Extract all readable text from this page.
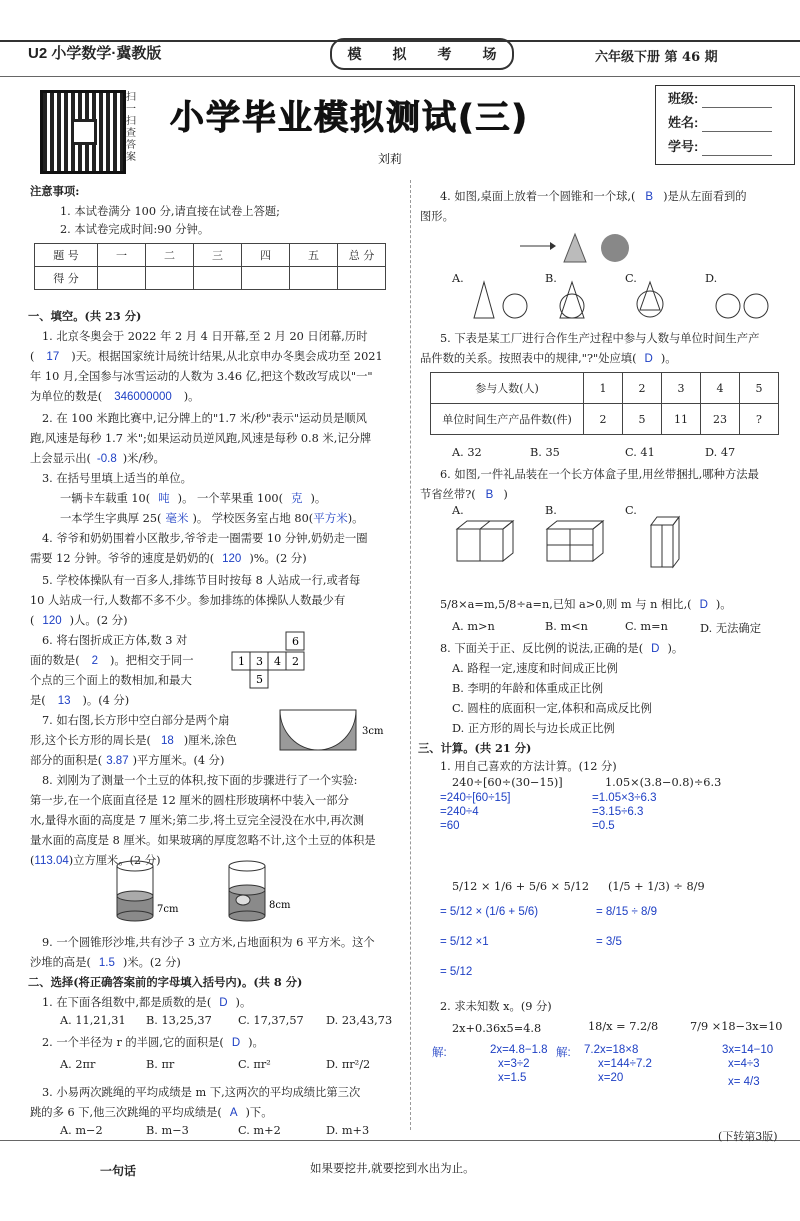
U2 小学数学·冀教版	模 拟 考 场	六年级下册 第 46 期
扫一扫 查答案
小学毕业模拟测试(三)
刘莉
班级:
姓名:
学号:
注意事项:
1. 本试卷满分 100 分,请直接在试卷上答题;
2. 本试卷完成时间:90 分钟。
题 号	一	二	三	四	五	总 分
得 分						
一、填空。(共 23 分)
1. 北京冬奥会于 2022 年 2 月 4 日开幕,至 2 月 20 日闭幕,历时
( 17 )天。根据国家统计局统计结果,从北京申办冬奥会成功至 2021
年 10 月,全国参与冰雪运动的人数为 3.46 亿,把这个数改写成以"一"
为单位的数是( 346000000 )。
2. 在 100 米跑比赛中,记分牌上的"1.7 米/秒"表示"运动员是顺风
跑,风速是每秒 1.7 米";如果运动员逆风跑,风速是每秒 0.8 米,记分牌
上会显示出( -0.8 )米/秒。
3. 在括号里填上适当的单位。
一辆卡车载重 10( 吨 )。 一个苹果重 100( 克 )。
一本学生字典厚 25( 毫米 )。 学校医务室占地 80(平方米)。
4. 爷爷和奶奶围着小区散步,爷爷走一圈需要 10 分钟,奶奶走一圈
需要 12 分钟。爷爷的速度是奶奶的( 120 )%。(2 分)
5. 学校体操队有一百多人,排练节目时按每 8 人站成一行,或者每
10 人站成一行,人数都不多不少。参加排练的体操队人数最少有
( 120 )人。(2 分)
6. 将右图折成正方体,数 3 对
面的数是( 2 )。把相交于同一
个点的三个面上的数相加,和最大
是( 13 )。(4 分)
6
1 3 4 2
5
7. 如右图,长方形中空白部分是两个扇
形,这个长方形的周长是( 18 )厘米,涂色
部分的面积是( 3.87 )平方厘米。(4 分)
3cm
8. 刘刚为了测量一个土豆的体积,按下面的步骤进行了一个实验:
第一步,在一个底面直径是 12 厘米的圆柱形玻璃杯中装入一部分
水,量得水面的高度是 7 厘米;第二步,将土豆完全浸没在水中,再次测
量水面的高度是 8 厘米。如果玻璃的厚度忽略不计,这个土豆的体积是
(113.04)立方厘米。(2 分)
7cm	8cm
9. 一个圆锥形沙堆,共有沙子 3 立方米,占地面积为 6 平方米。这个
沙堆的高是( 1.5 )米。(2 分)
二、选择(将正确答案前的字母填入括号内)。(共 8 分)
1. 在下面各组数中,都是质数的是( D )。
A. 11,21,31 B. 13,25,37 C. 17,37,57 D. 23,43,73
2. 一个半径为 r 的半圆,它的面积是( D )。
A. 2πr	B. πr	C. πr²	D. πr²/2
3. 小易两次跳绳的平均成绩是 m 下,这两次的平均成绩比第三次
跳的多 6 下,他三次跳绳的平均成绩是( A )下。
A. m−2	B. m−3	C. m+2	D. m+3
4. 如图,桌面上放着一个圆锥和一个球,( B )是从左面看到的
图形。
A.	B.	C.	D.
5. 下表是某工厂进行合作生产过程中参与人数与单位时间生产产
品件数的关系。按照表中的规律,"?"处应填( D )。
参与人数(人)	1	2	3	4	5
单位时间生产产品件数(件)	2	5	11	23	?
A. 32	B. 35	C. 41	D. 47
6. 如图,一件礼品装在一个长方体盒子里,用丝带捆扎,哪种方法最
节省丝带?( B )
A.	B.	C.
5/8×a=m,5/8÷a=n,已知 a>0,则 m 与 n 相比,( D )。
A. m>n	B. m<n	C. m=n	D. 无法确定
8. 下面关于正、反比例的说法,正确的是( D )。
A. 路程一定,速度和时间成正比例
B. 李明的年龄和体重成正比例
C. 圆柱的底面积一定,体积和高成反比例
D. 正方形的周长与边长成正比例
三、计算。(共 21 分)
1. 用自己喜欢的方法计算。(12 分)
240÷[60÷(30−15)]
=240÷[60÷15]
=240÷4
=60
1.05×(3.8−0.8)÷6.3
=1.05×3÷6.3
=3.15÷6.3
=0.5
5/12 × 1/6 + 5/6 × 5/12
= 5/12 × (1/6 + 5/6)
= 5/12 ×1
= 5/12
(1/5 + 1/3) ÷ 8/9
= 8/15 ÷ 8/9
= 3/5
2. 求未知数 x。(9 分)
2x+0.36x5=4.8
解:	2x=4.8−1.8
x=3÷2
x=1.5
18/x = 7.2/8
解: 7.2x=18×8
x=144÷7.2
x=20
7/9 ×18−3x=10
3x=14−10
x=4÷3
x= 4/3
(下转第3版)
一句话	如果要挖井,就要挖到水出为止。
